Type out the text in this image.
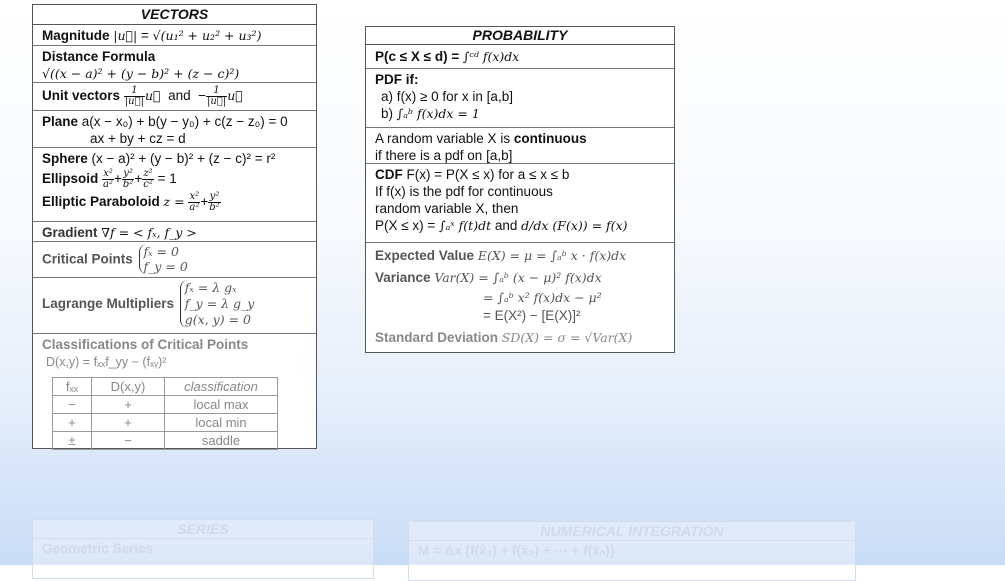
VECTORS
Magnitude |u⃗| = √(u₁² + u₂² + u₃²)
Distance Formula
√((x − a)² + (y − b)² + (z − c)²)
Unit vectors $\frac{1}{|u⃗|}$ u⃗ and − $\frac{1}{|u⃗|}$ u⃗
Plane a(x − x₀) + b(y − y₀) + c(z − z₀) = 0
ax + by + cz = d
Sphere (x − a)² + (y − b)² + (z − c)² = r²
Ellipsoid $\frac{\text{x²}}{\text{a²}} + \frac{\text{y²}}{\text{b²}} + \frac{\text{z²}}{\text{c²}} = 1$
Elliptic Paraboloid $z = \frac{\text{x²}}{\text{a²}} + \frac{\text{y²}}{\text{b²}}$
Gradient ∇f = < fₓ, f_y >
Critical Points fₓ = 0
f_y = 0
Lagrange Multipliers fₓ = λ gₓ
f_y = λ g_y
g(x, y) = 0
Classifications of Critical Points
D(x,y) = fₓₓf_yy − (fₓᵧ)²
fₓₓ	D(x,y)	classification
−	+	local max
+	+	local min
±	−	saddle
PROBABILITY
P(c ≤ X ≤ d) = ∫ᶜᵈ f(x)dx
PDF if:
a) f(x) ≥ 0 for x in [a,b]
b) ∫ₐᵇ f(x)dx = 1
A random variable X is continuous
if there is a pdf on [a,b]
CDF F(x) = P(X ≤ x) for a ≤ x ≤ b
If f(x) is the pdf for continuous
random variable X, then
P(X ≤ x) = ∫ₐˣ f(t)dt and d/dx (F(x)) = f(x)
Expected Value E(X) = μ = ∫ₐᵇ x · f(x)dx
Variance Var(X) = ∫ₐᵇ (x − μ)² f(x)dx
= ∫ₐᵇ x² f(x)dx − μ²
= E(X²) − [E(X)]²
Standard Deviation SD(X) = σ = √Var(X)
SERIES
Geometric Series
NUMERICAL INTEGRATION
M = Δx [f(x̄₁) + f(x̄₂) + ⋯ + f(x̄ₙ)]
